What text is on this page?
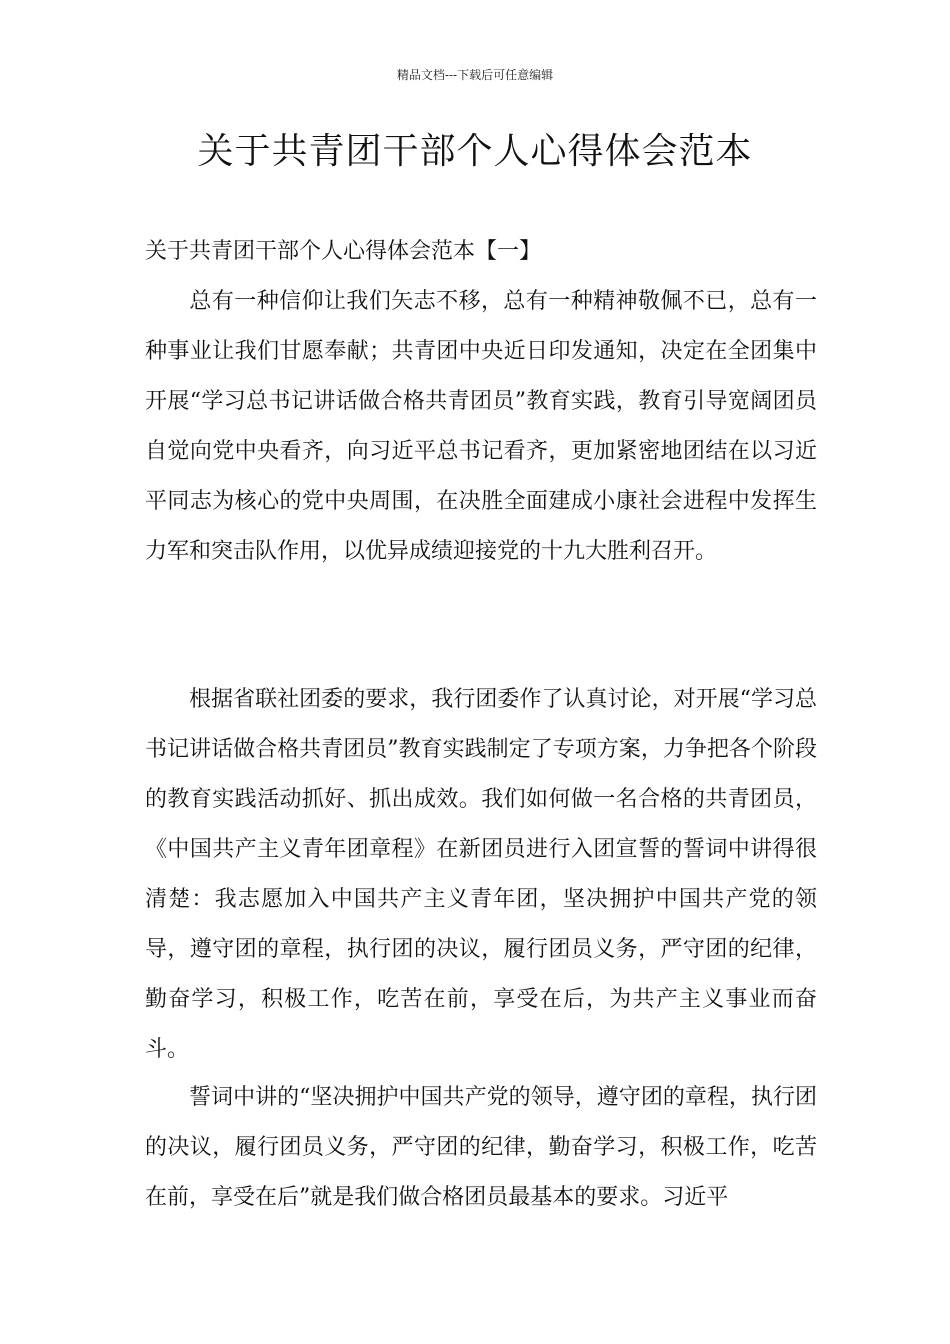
精品文档---下载后可任意编辑
关于共青团干部个人心得体会范本
关于共青团干部个人心得体会范本【一】

总有一种信仰让我们矢志不移，总有一种精神敬佩不已，总有一种事业让我们甘愿奉献；共青团中央近日印发通知，决定在全团集中开展“学习总书记讲话做合格共青团员”教育实践，教育引导宽阔团员自觉向党中央看齐，向习近平总书记看齐，更加紧密地团结在以习近平同志为核心的党中央周围，在决胜全面建成小康社会进程中发挥生力军和突击队作用，以优异成绩迎接党的十九大胜利召开。

根据省联社团委的要求，我行团委作了认真讨论，对开展“学习总书记讲话做合格共青团员”教育实践制定了专项方案，力争把各个阶段的教育实践活动抓好、抓出成效。我们如何做一名合格的共青团员，《中国共产主义青年团章程》在新团员进行入团宣誓的誓词中讲得很清楚：我志愿加入中国共产主义青年团，坚决拥护中国共产党的领导，遵守团的章程，执行团的决议，履行团员义务，严守团的纪律，勤奋学习，积极工作，吃苦在前，享受在后，为共产主义事业而奋斗。

誓词中讲的“坚决拥护中国共产党的领导，遵守团的章程，执行团的决议，履行团员义务，严守团的纪律，勤奋学习，积极工作，吃苦在前，享受在后”就是我们做合格团员最基本的要求。习近平
